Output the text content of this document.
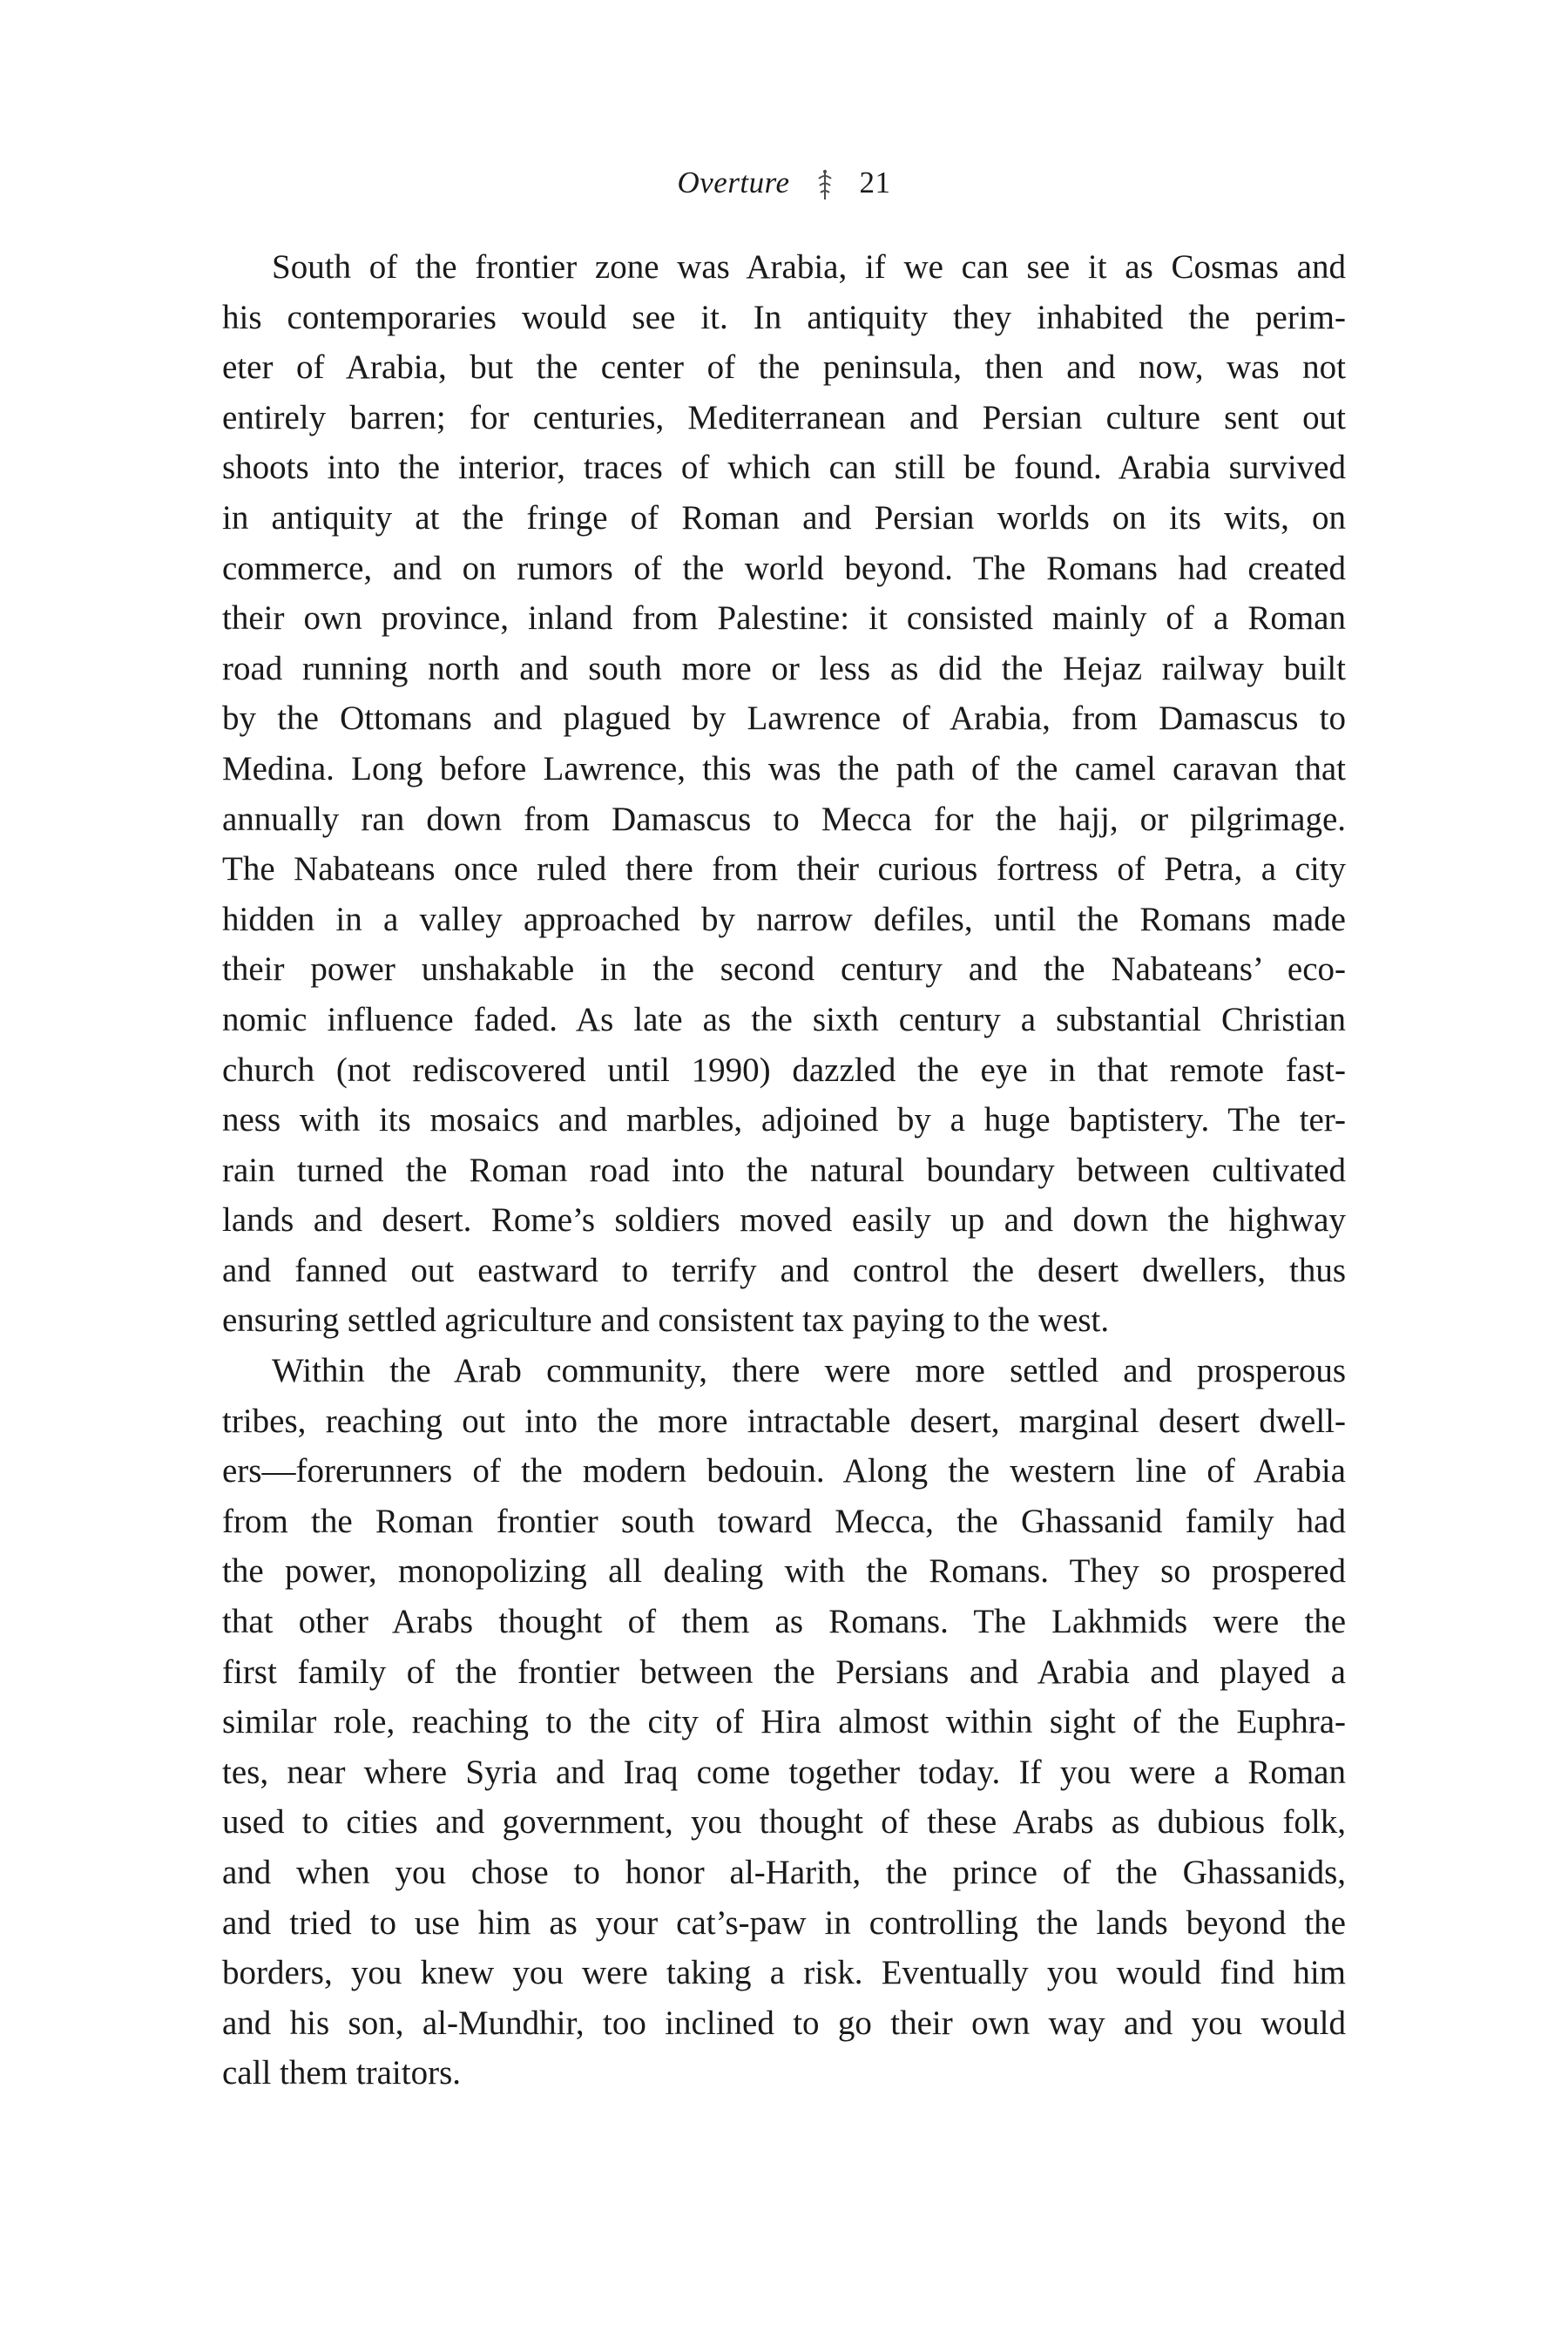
Overture 21
South of the frontier zone was Arabia, if we can see it as Cosmas and
his contemporaries would see it. In antiquity they inhabited the perim-
eter of Arabia, but the center of the peninsula, then and now, was not
entirely barren; for centuries, Mediterranean and Persian culture sent out
shoots into the interior, traces of which can still be found. Arabia survived
in antiquity at the fringe of Roman and Persian worlds on its wits, on
commerce, and on rumors of the world beyond. The Romans had created
their own province, inland from Palestine: it consisted mainly of a Roman
road running north and south more or less as did the Hejaz railway built
by the Ottomans and plagued by Lawrence of Arabia, from Damascus to
Medina. Long before Lawrence, this was the path of the camel caravan that
annually ran down from Damascus to Mecca for the hajj, or pilgrimage.
The Nabateans once ruled there from their curious fortress of Petra, a city
hidden in a valley approached by narrow defiles, until the Romans made
their power unshakable in the second century and the Nabateans’ eco-
nomic influence faded. As late as the sixth century a substantial Christian
church (not rediscovered until 1990) dazzled the eye in that remote fast-
ness with its mosaics and marbles, adjoined by a huge baptistery. The ter-
rain turned the Roman road into the natural boundary between cultivated
lands and desert. Rome’s soldiers moved easily up and down the highway
and fanned out eastward to terrify and control the desert dwellers, thus
ensuring settled agriculture and consistent tax paying to the west.
Within the Arab community, there were more settled and prosperous
tribes, reaching out into the more intractable desert, marginal desert dwell-
ers—forerunners of the modern bedouin. Along the western line of Arabia
from the Roman frontier south toward Mecca, the Ghassanid family had
the power, monopolizing all dealing with the Romans. They so prospered
that other Arabs thought of them as Romans. The Lakhmids were the
first family of the frontier between the Persians and Arabia and played a
similar role, reaching to the city of Hira almost within sight of the Euphra-
tes, near where Syria and Iraq come together today. If you were a Roman
used to cities and government, you thought of these Arabs as dubious folk,
and when you chose to honor al-Harith, the prince of the Ghassanids,
and tried to use him as your cat’s-paw in controlling the lands beyond the
borders, you knew you were taking a risk. Eventually you would find him
and his son, al-Mundhir, too inclined to go their own way and you would
call them traitors.
